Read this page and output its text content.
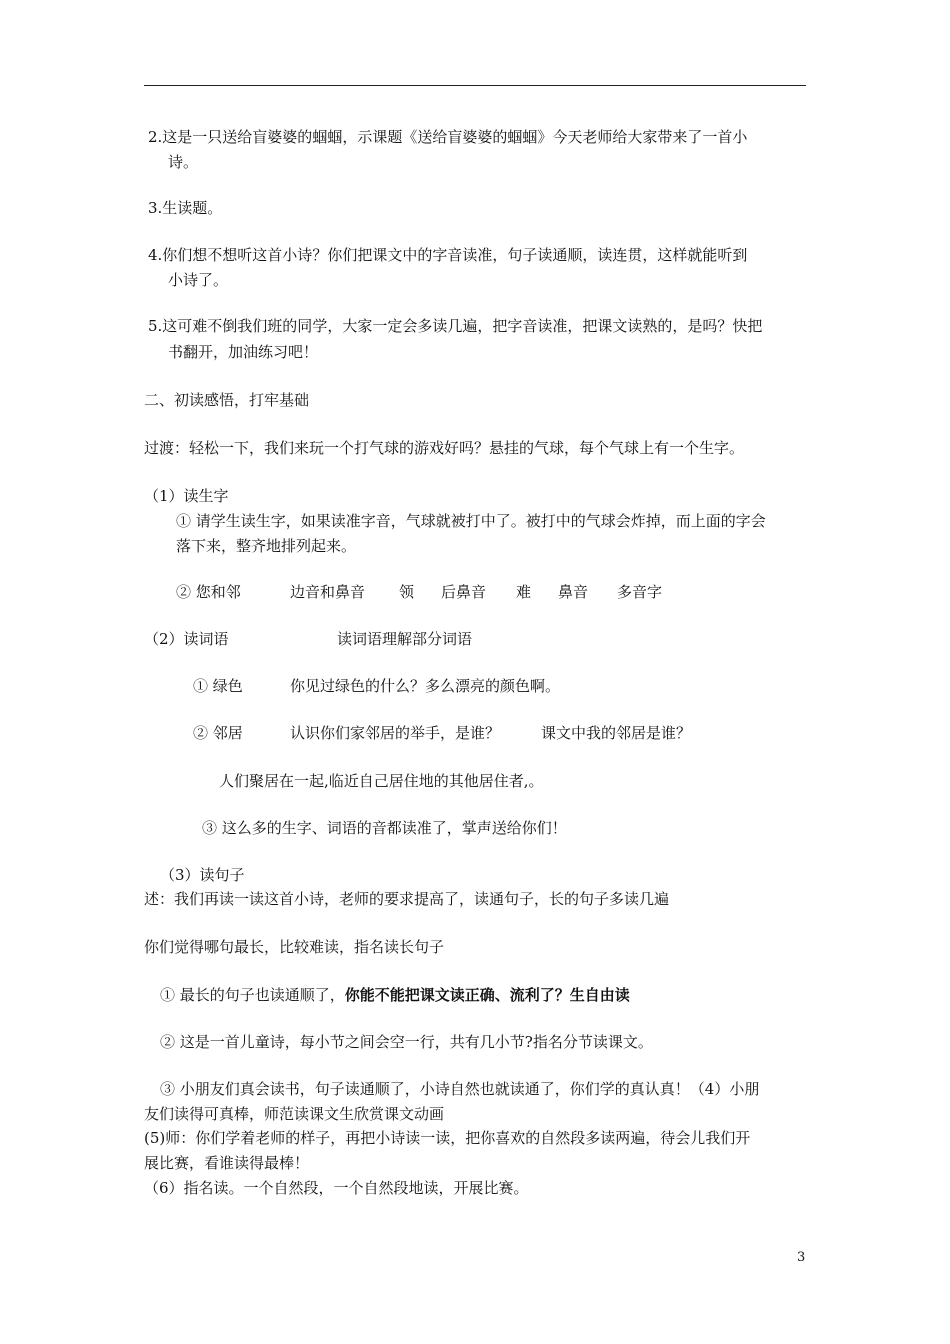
2.这是一只送给盲婆婆的蝈蝈，示课题《送给盲婆婆的蝈蝈》今天老师给大家带来了一首小
诗。
3.生读题。
4.你们想不想听这首小诗？你们把课文中的字音读准，句子读通顺，读连贯，这样就能听到
小诗了。
5.这可难不倒我们班的同学，大家一定会多读几遍，把字音读准，把课文读熟的，是吗？快把
书翻开，加油练习吧！
二、初读感悟，打牢基础
过渡：轻松一下，我们来玩一个打气球的游戏好吗？悬挂的气球，每个气球上有一个生字。
（1）读生字
① 请学生读生字，如果读准字音，气球就被打中了。被打中的气球会炸掉，而上面的字会
落下来，整齐地排列起来。
② 您和邻	边音和鼻音 领 后鼻音 难 鼻音 多音字
（2）读词语	读词语理解部分词语
① 绿色	你见过绿色的什么？多么漂亮的颜色啊。
② 邻居	认识你们家邻居的举手，是谁？	课文中我的邻居是谁？
人们聚居在一起,临近自己居住地的其他居住者,。
③ 这么多的生字、词语的音都读准了，掌声送给你们！
（3）读句子
述：我们再读一读这首小诗，老师的要求提高了，读通句子，长的句子多读几遍
你们觉得哪句最长，比较难读，指名读长句子
① 最长的句子也读通顺了，你能不能把课文读正确、流利了？生自由读
② 这是一首儿童诗，每小节之间会空一行，共有几小节?指名分节读课文。
③ 小朋友们真会读书，句子读通顺了，小诗自然也就读通了，你们学的真认真！（4）小朋
友们读得可真棒，师范读课文生欣赏课文动画
(5)师：你们学着老师的样子，再把小诗读一读，把你喜欢的自然段多读两遍，待会儿我们开
展比赛，看谁读得最棒！
（6）指名读。一个自然段，一个自然段地读，开展比赛。
3
